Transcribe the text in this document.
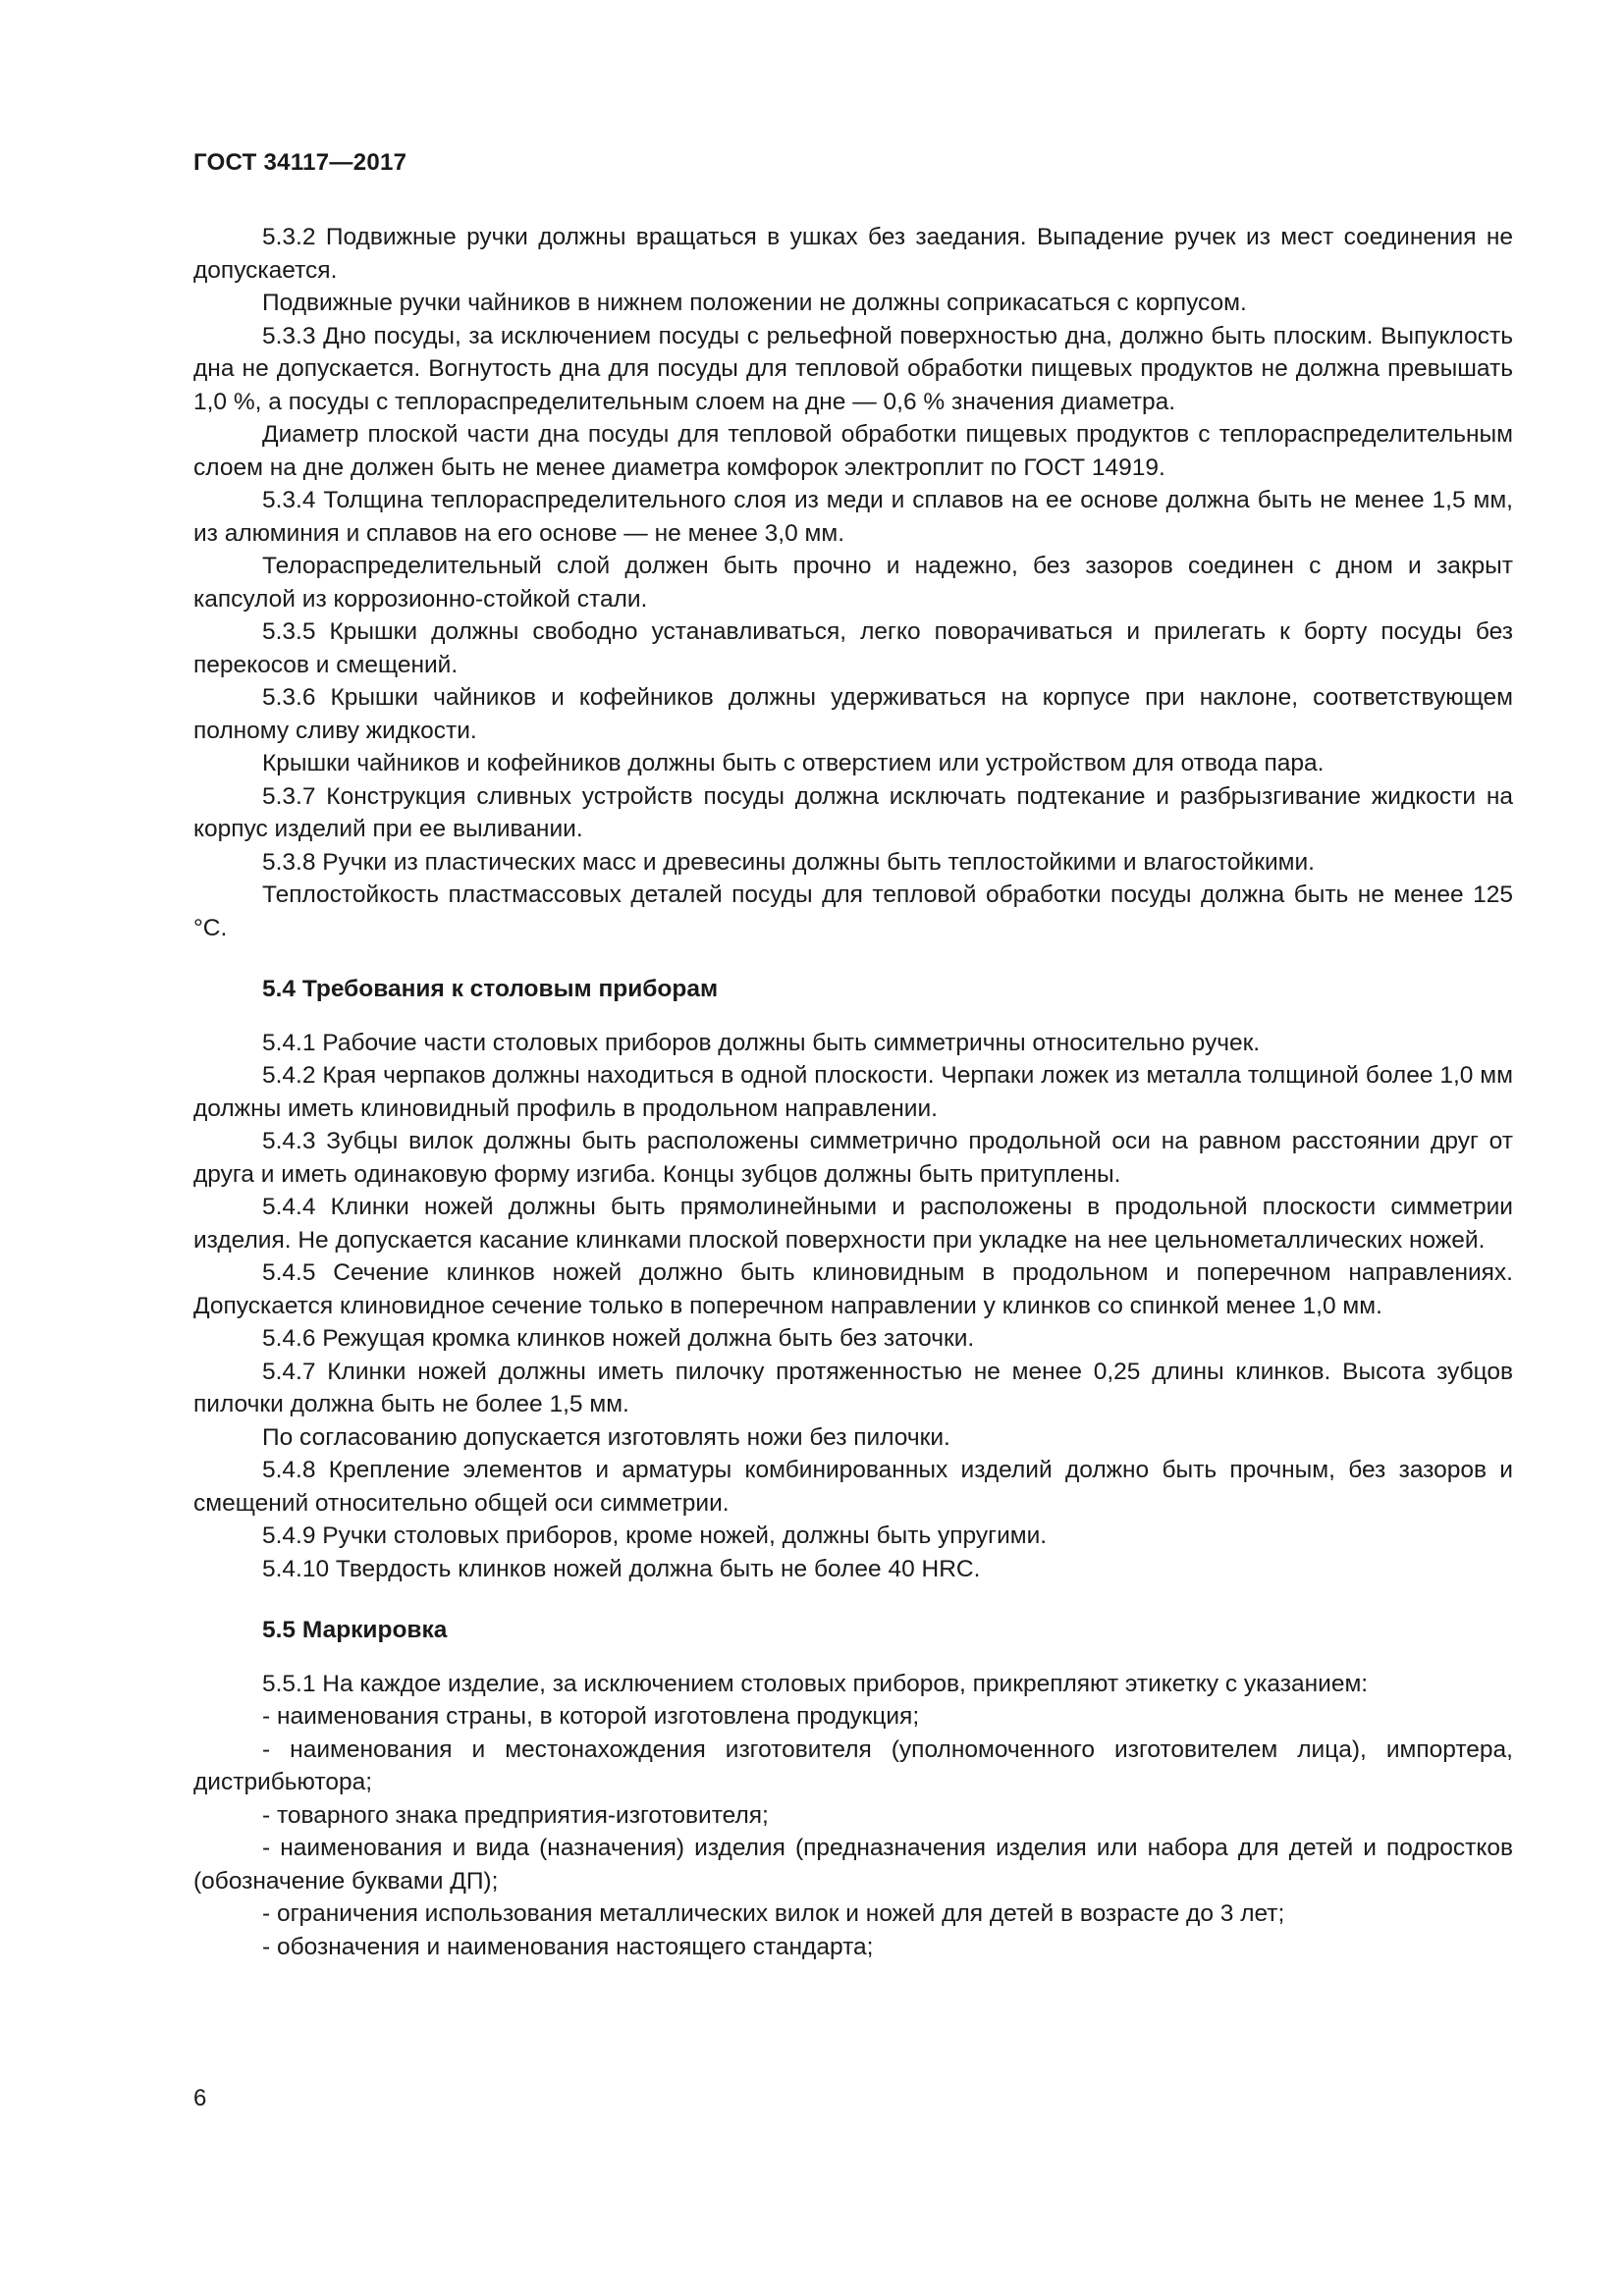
ГОСТ 34117—2017

5.3.2 Подвижные ручки должны вращаться в ушках без заедания. Выпадение ручек из мест соединения не допускается.

Подвижные ручки чайников в нижнем положении не должны соприкасаться с корпусом.

5.3.3 Дно посуды, за исключением посуды с рельефной поверхностью дна, должно быть плоским. Выпуклость дна не допускается. Вогнутость дна для посуды для тепловой обработки пищевых продуктов не должна превышать 1,0 %, а посуды с теплораспределительным слоем на дне — 0,6 % значения диаметра.

Диаметр плоской части дна посуды для тепловой обработки пищевых продуктов с теплораспределительным слоем на дне должен быть не менее диаметра комфорок электроплит по ГОСТ 14919.

5.3.4 Толщина теплораспределительного слоя из меди и сплавов на ее основе должна быть не менее 1,5 мм, из алюминия и сплавов на его основе — не менее 3,0 мм.

Телораспределительный слой должен быть прочно и надежно, без зазоров соединен с дном и закрыт капсулой из коррозионно-стойкой стали.

5.3.5 Крышки должны свободно устанавливаться, легко поворачиваться и прилегать к борту посуды без перекосов и смещений.

5.3.6 Крышки чайников и кофейников должны удерживаться на корпусе при наклоне, соответствующем полному сливу жидкости.

Крышки чайников и кофейников должны быть с отверстием или устройством для отвода пара.

5.3.7 Конструкция сливных устройств посуды должна исключать подтекание и разбрызгивание жидкости на корпус изделий при ее выливании.

5.3.8 Ручки из пластических масс и древесины должны быть теплостойкими и влагостойкими.

Теплостойкость пластмассовых деталей посуды для тепловой обработки посуды должна быть не менее 125 °С.

5.4 Требования к столовым приборам

5.4.1 Рабочие части столовых приборов должны быть симметричны относительно ручек.

5.4.2 Края черпаков должны находиться в одной плоскости. Черпаки ложек из металла толщиной более 1,0 мм должны иметь клиновидный профиль в продольном направлении.

5.4.3 Зубцы вилок должны быть расположены симметрично продольной оси на равном расстоянии друг от друга и иметь одинаковую форму изгиба. Концы зубцов должны быть притуплены.

5.4.4 Клинки ножей должны быть прямолинейными и расположены в продольной плоскости симметрии изделия. Не допускается касание клинками плоской поверхности при укладке на нее цельнометаллических ножей.

5.4.5 Сечение клинков ножей должно быть клиновидным в продольном и поперечном направлениях. Допускается клиновидное сечение только в поперечном направлении у клинков со спинкой менее 1,0 мм.

5.4.6 Режущая кромка клинков ножей должна быть без заточки.

5.4.7 Клинки ножей должны иметь пилочку протяженностью не менее 0,25 длины клинков. Высота зубцов пилочки должна быть не более 1,5 мм.

По согласованию допускается изготовлять ножи без пилочки.

5.4.8 Крепление элементов и арматуры комбинированных изделий должно быть прочным, без зазоров и смещений относительно общей оси симметрии.

5.4.9 Ручки столовых приборов, кроме ножей, должны быть упругими.

5.4.10 Твердость клинков ножей должна быть не более 40 HRC.

5.5 Маркировка

5.5.1 На каждое изделие, за исключением столовых приборов, прикрепляют этикетку с указанием:

- наименования страны, в которой изготовлена продукция;

- наименования и местонахождения изготовителя (уполномоченного изготовителем лица), импортера, дистрибьютора;

- товарного знака предприятия-изготовителя;

- наименования и вида (назначения) изделия (предназначения изделия или набора для детей и подростков (обозначение буквами ДП);

- ограничения использования металлических вилок и ножей для детей в возрасте до 3 лет;

- обозначения и наименования настоящего стандарта;

6
